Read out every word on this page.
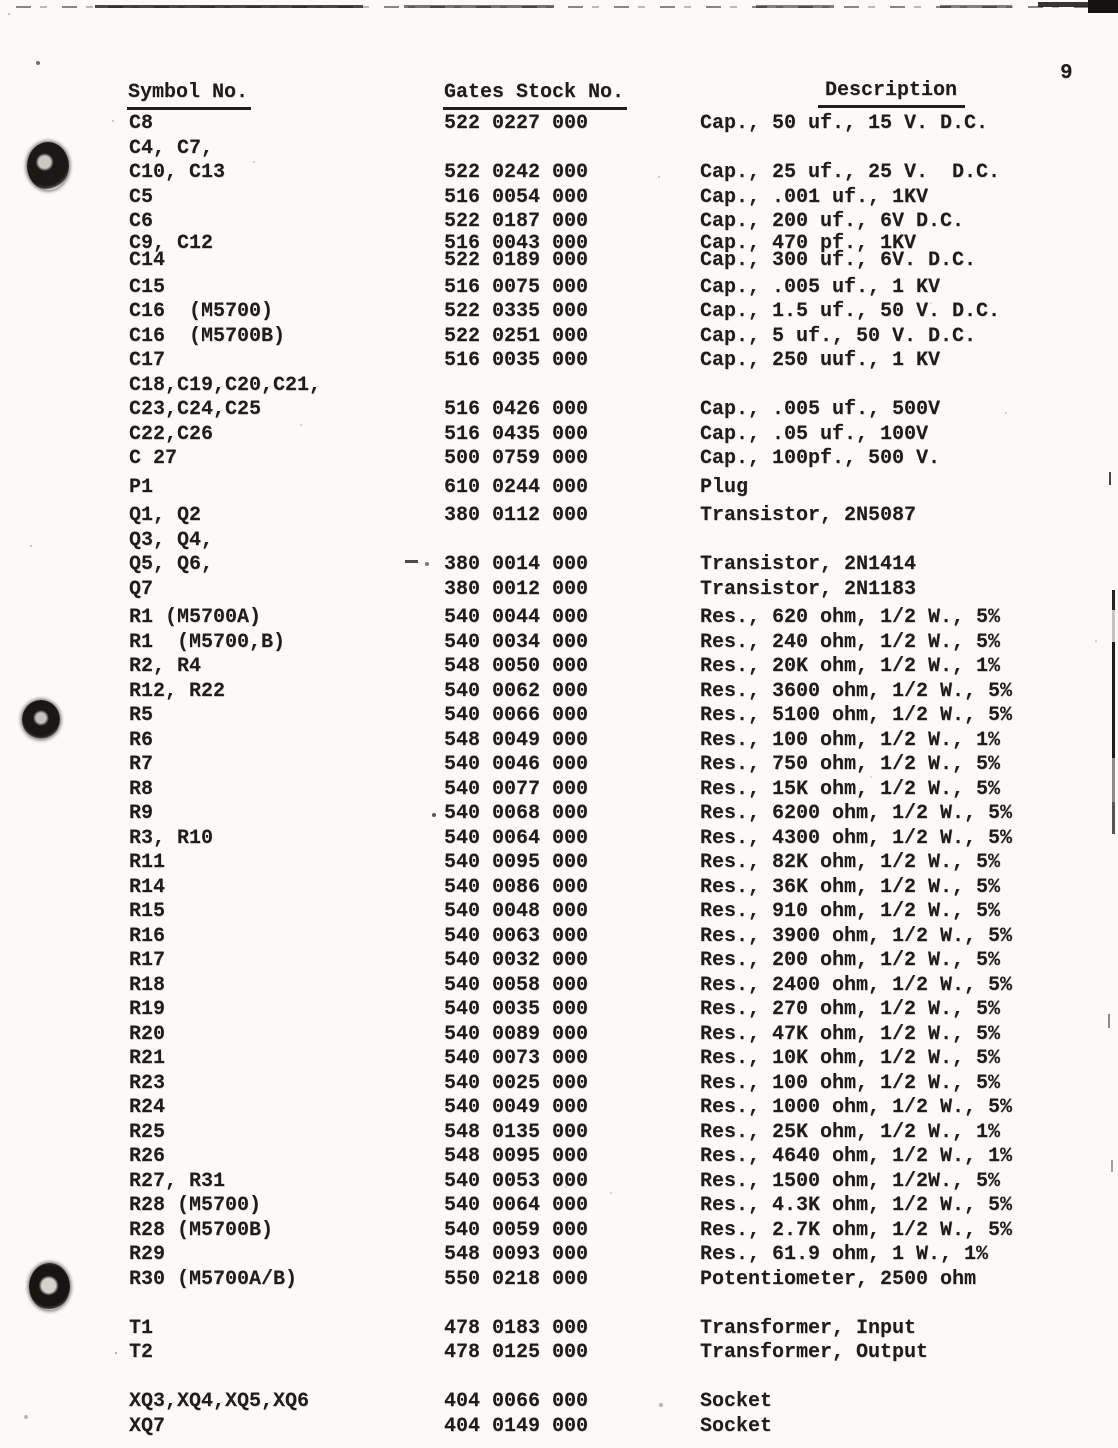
9
Symbol No.	Gates Stock No.	Description
C8	522 0227 000	Cap., 50 uf., 15 V. D.C.
C4, C7,
C10, C13	522 0242 000	Cap., 25 uf., 25 V.  D.C.
C5	516 0054 000	Cap., .001 uf., 1KV
C6	522 0187 000	Cap., 200 uf., 6V D.C.
C9, C12	516 0043 000	Cap., 470 pf., 1KV
C14	522 0189 000	Cap., 300 uf., 6V. D.C.
C15	516 0075 000	Cap., .005 uf., 1 KV
C16  (M5700)	522 0335 000	Cap., 1.5 uf., 50 V. D.C.
C16  (M5700B)	522 0251 000	Cap., 5 uf., 50 V. D.C.
C17	516 0035 000	Cap., 250 uuf., 1 KV
C18,C19,C20,C21,
C23,C24,C25	516 0426 000	Cap., .005 uf., 500V
C22,C26	516 0435 000	Cap., .05 uf., 100V
C 27	500 0759 000	Cap., 100pf., 500 V.
P1	610 0244 000	Plug
Q1, Q2	380 0112 000	Transistor, 2N5087
Q3, Q4,
Q5, Q6,	380 0014 000	Transistor, 2N1414
Q7	380 0012 000	Transistor, 2N1183
R1 (M5700A)	540 0044 000	Res., 620 ohm, 1/2 W., 5%
R1  (M5700,B)	540 0034 000	Res., 240 ohm, 1/2 W., 5%
R2, R4	548 0050 000	Res., 20K ohm, 1/2 W., 1%
R12, R22	540 0062 000	Res., 3600 ohm, 1/2 W., 5%
R5	540 0066 000	Res., 5100 ohm, 1/2 W., 5%
R6	548 0049 000	Res., 100 ohm, 1/2 W., 1%
R7	540 0046 000	Res., 750 ohm, 1/2 W., 5%
R8	540 0077 000	Res., 15K ohm, 1/2 W., 5%
R9	540 0068 000	Res., 6200 ohm, 1/2 W., 5%
R3, R10	540 0064 000	Res., 4300 ohm, 1/2 W., 5%
R11	540 0095 000	Res., 82K ohm, 1/2 W., 5%
R14	540 0086 000	Res., 36K ohm, 1/2 W., 5%
R15	540 0048 000	Res., 910 ohm, 1/2 W., 5%
R16	540 0063 000	Res., 3900 ohm, 1/2 W., 5%
R17	540 0032 000	Res., 200 ohm, 1/2 W., 5%
R18	540 0058 000	Res., 2400 ohm, 1/2 W., 5%
R19	540 0035 000	Res., 270 ohm, 1/2 W., 5%
R20	540 0089 000	Res., 47K ohm, 1/2 W., 5%
R21	540 0073 000	Res., 10K ohm, 1/2 W., 5%
R23	540 0025 000	Res., 100 ohm, 1/2 W., 5%
R24	540 0049 000	Res., 1000 ohm, 1/2 W., 5%
R25	548 0135 000	Res., 25K ohm, 1/2 W., 1%
R26	548 0095 000	Res., 4640 ohm, 1/2 W., 1%
R27, R31	540 0053 000	Res., 1500 ohm, 1/2W., 5%
R28 (M5700)	540 0064 000	Res., 4.3K ohm, 1/2 W., 5%
R28 (M5700B)	540 0059 000	Res., 2.7K ohm, 1/2 W., 5%
R29	548 0093 000	Res., 61.9 ohm, 1 W., 1%
R30 (M5700A/B)	550 0218 000	Potentiometer, 2500 ohm
T1	478 0183 000	Transformer, Input
T2	478 0125 000	Transformer, Output
XQ3,XQ4,XQ5,XQ6	404 0066 000	Socket
XQ7	404 0149 000	Socket
